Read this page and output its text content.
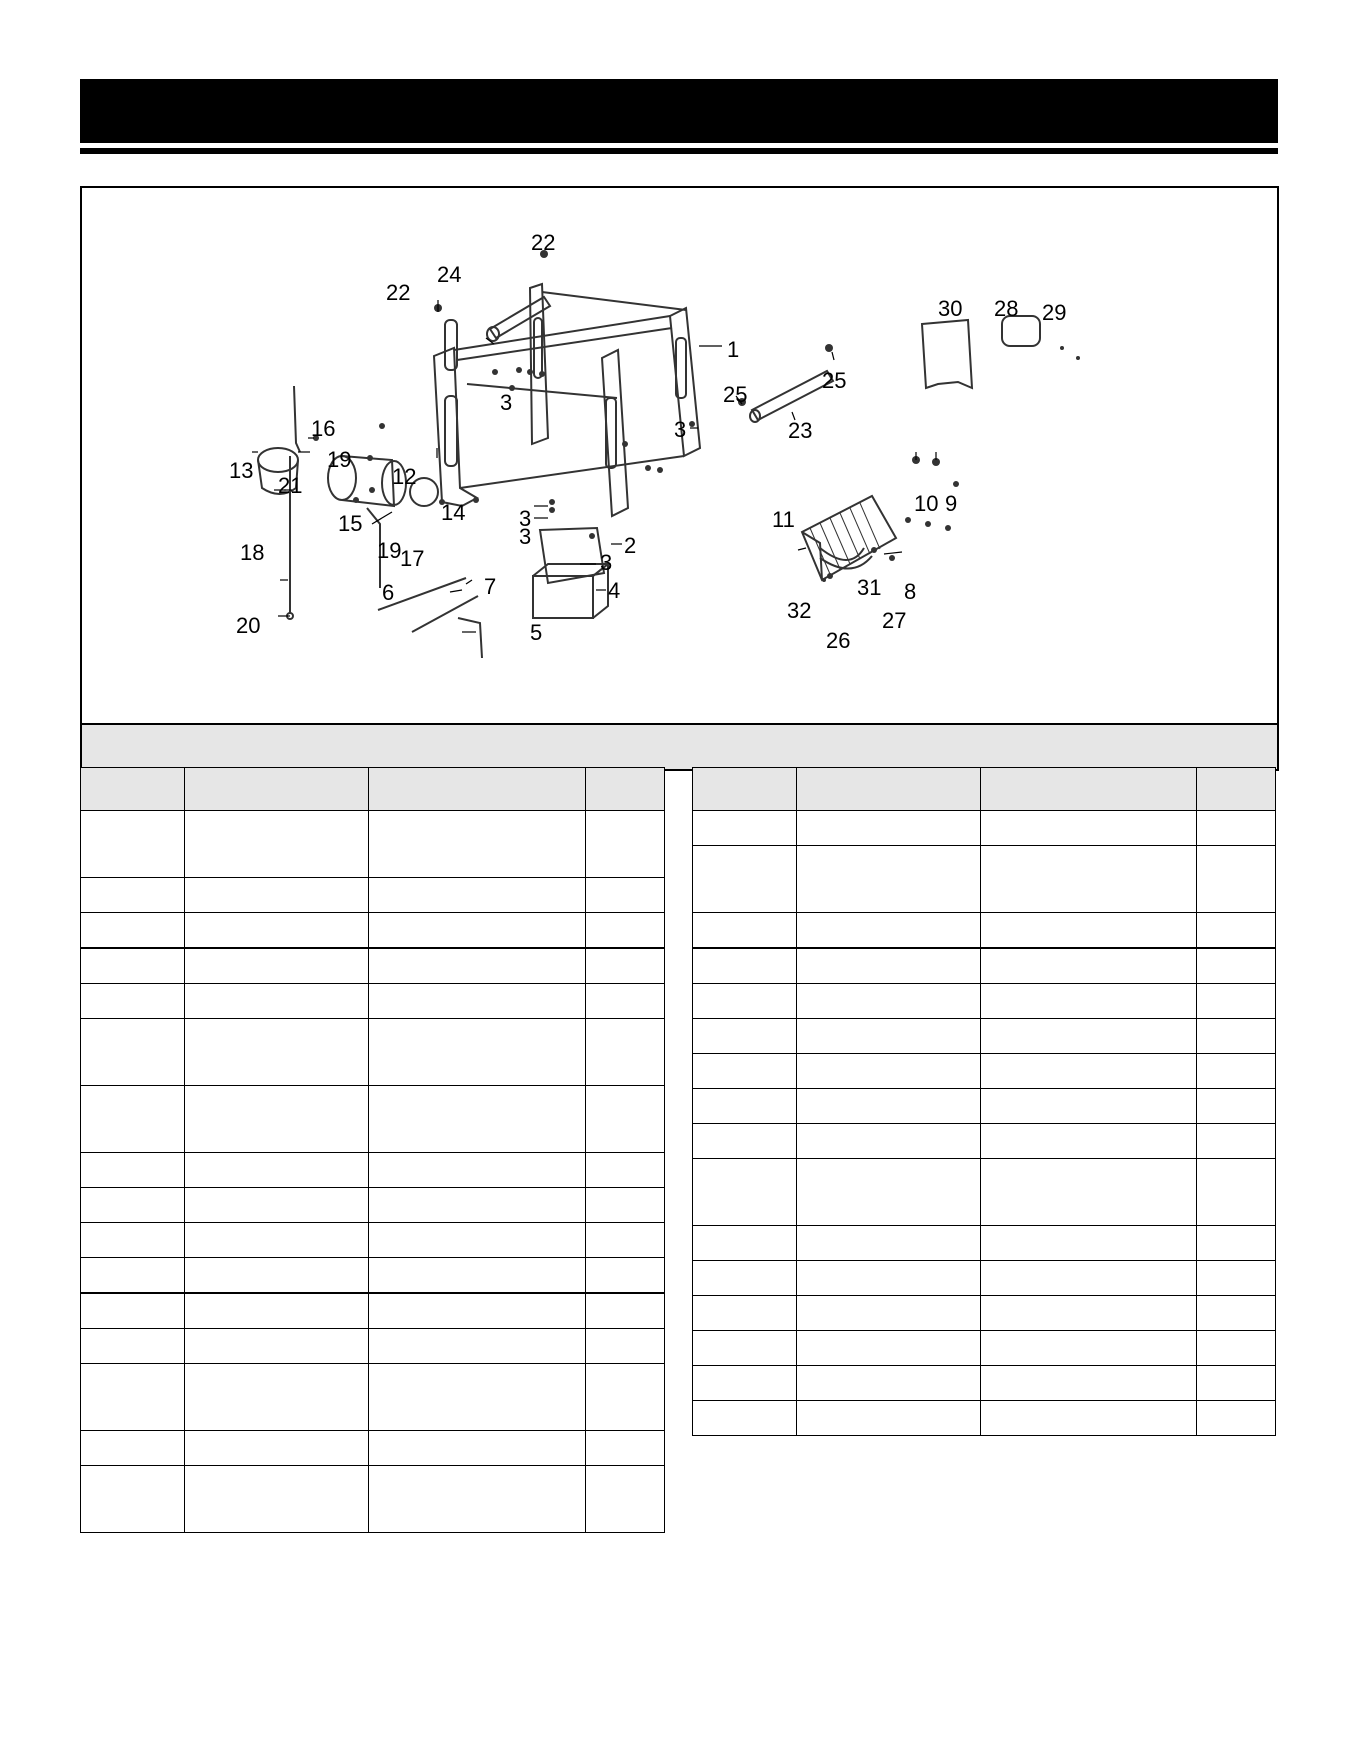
1
2
3
3
3
3
3
4
5
6	7	8
9
10
11
12
13
14
15
16
17
18
19
19
20
21
22
22
23
24
25
25
26
27
28 29
30
31
32
